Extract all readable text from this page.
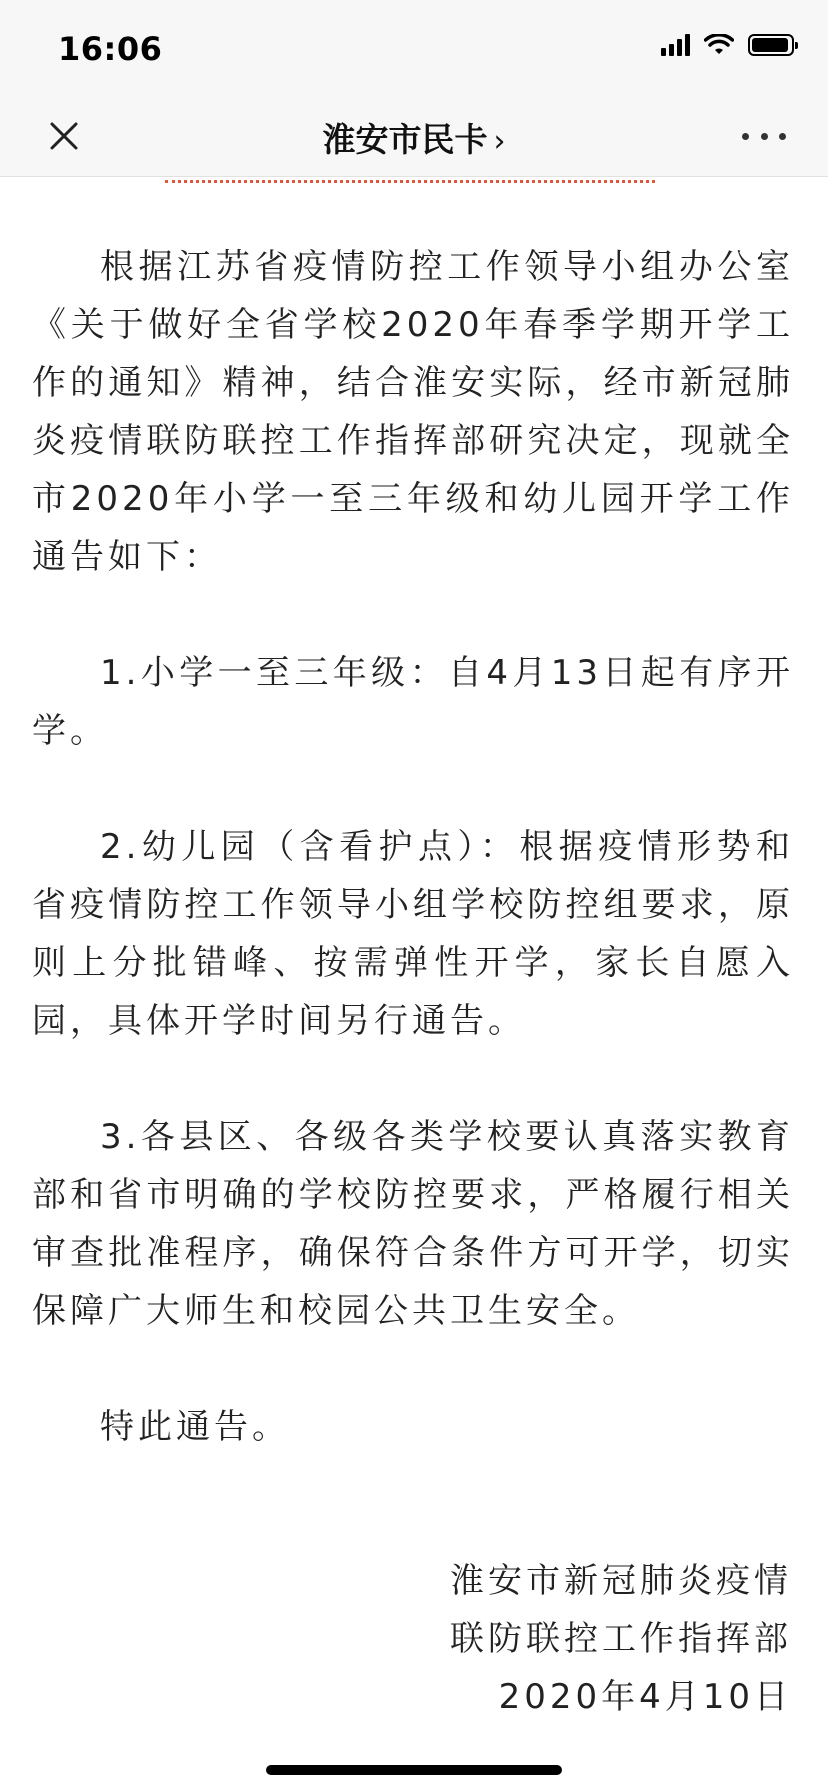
16:06
淮安市民卡 ›

根据江苏省疫情防控工作领导小组办公室《关于做好全省学校2020年春季学期开学工作的通知》精神，结合淮安实际，经市新冠肺炎疫情联防联控工作指挥部研究决定，现就全市2020年小学一至三年级和幼儿园开学工作通告如下：

1.小学一至三年级：自4月13日起有序开学。

2.幼儿园（含看护点）：根据疫情形势和省疫情防控工作领导小组学校防控组要求，原则上分批错峰、按需弹性开学，家长自愿入园，具体开学时间另行通告。

3.各县区、各级各类学校要认真落实教育部和省市明确的学校防控要求，严格履行相关审查批准程序，确保符合条件方可开学，切实保障广大师生和校园公共卫生安全。

特此通告。

淮安市新冠肺炎疫情
联防联控工作指挥部
2020年4月10日
